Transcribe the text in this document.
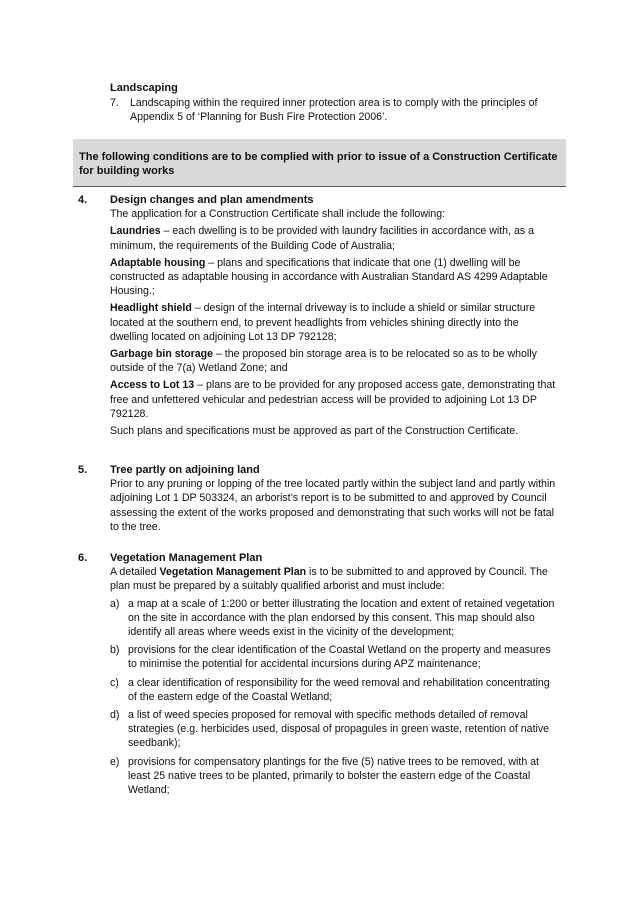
Landscaping
7.	Landscaping within the required inner protection area is to comply with the principles of Appendix 5 of ‘Planning for Bush Fire Protection 2006’.
The following conditions are to be complied with prior to issue of a Construction Certificate for building works
4.	Design changes and plan amendments
The application for a Construction Certificate shall include the following:
Laundries – each dwelling is to be provided with laundry facilities in accordance with, as a minimum, the requirements of the Building Code of Australia;
Adaptable housing – plans and specifications that indicate that one (1) dwelling will be constructed as adaptable housing in accordance with Australian Standard AS 4299 Adaptable Housing.;
Headlight shield – design of the internal driveway is to include a shield or similar structure located at the southern end, to prevent headlights from vehicles shining directly into the dwelling located on adjoining Lot 13 DP 792128;
Garbage bin storage – the proposed bin storage area is to be relocated so as to be wholly outside of the 7(a) Wetland Zone; and
Access to Lot 13 – plans are to be provided for any proposed access gate, demonstrating that free and unfettered vehicular and pedestrian access will be provided to adjoining Lot 13 DP 792128.
Such plans and specifications must be approved as part of the Construction Certificate.
5.	Tree partly on adjoining land
Prior to any pruning or lopping of the tree located partly within the subject land and partly within adjoining Lot 1 DP 503324, an arborist’s report is to be submitted to and approved by Council assessing the extent of the works proposed and demonstrating that such works will not be fatal to the tree.
6.	Vegetation Management Plan
A detailed Vegetation Management Plan is to be submitted to and approved by Council. The plan must be prepared by a suitably qualified arborist and must include:
a) a map at a scale of 1:200 or better illustrating the location and extent of retained vegetation on the site in accordance with the plan endorsed by this consent. This map should also identify all areas where weeds exist in the vicinity of the development;
b) provisions for the clear identification of the Coastal Wetland on the property and measures to minimise the potential for accidental incursions during APZ maintenance;
c) a clear identification of responsibility for the weed removal and rehabilitation concentrating of the eastern edge of the Coastal Wetland;
d) a list of weed species proposed for removal with specific methods detailed of removal strategies (e.g. herbicides used, disposal of propagules in green waste, retention of native seedbank);
e) provisions for compensatory plantings for the five (5) native trees to be removed, with at least 25 native trees to be planted, primarily to bolster the eastern edge of the Coastal Wetland;
